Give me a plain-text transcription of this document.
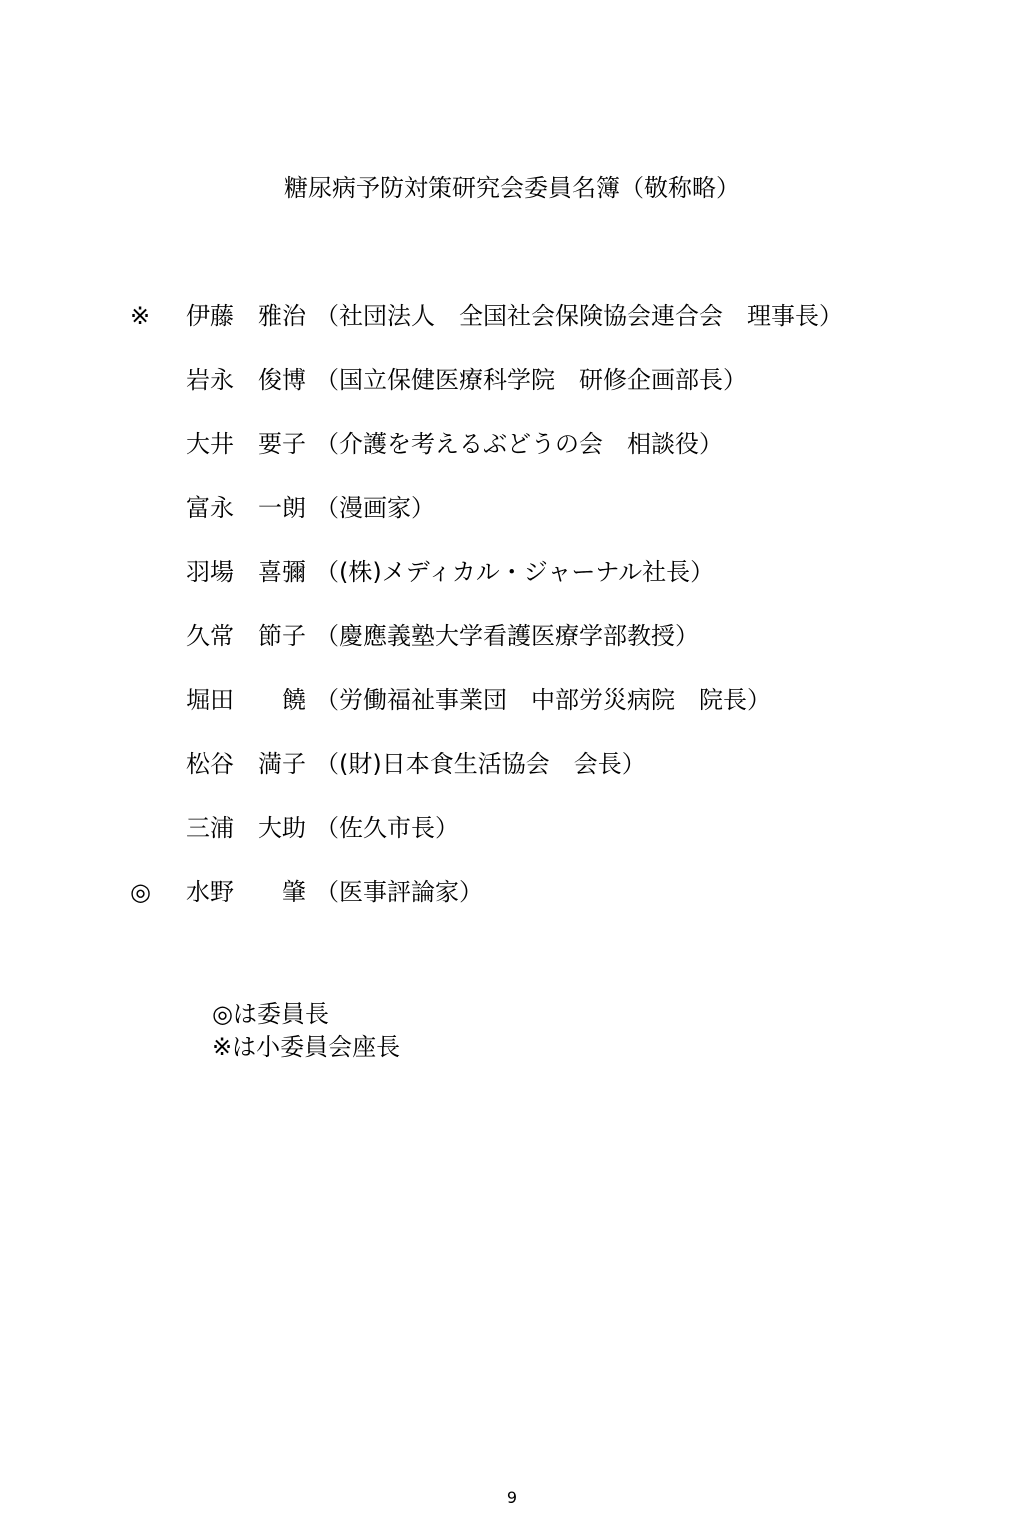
糖尿病予防対策研究会委員名簿（敬称略）
※	伊藤　雅治 （社団法人　全国社会保険協会連合会　理事長）
岩永　俊博 （国立保健医療科学院　研修企画部長）
大井　要子 （介護を考えるぶどうの会　相談役）
富永　一朗 （漫画家）
羽場　喜彌 （(株)メディカル・ジャーナル社長）
久常　節子 （慶應義塾大学看護医療学部教授）
堀田　　饒 （労働福祉事業団　中部労災病院　院長）
松谷　満子 （(財)日本食生活協会　会長）
三浦　大助 （佐久市長）
◎	水野　　肇 （医事評論家）
◎は委員長
※は小委員会座長
9
